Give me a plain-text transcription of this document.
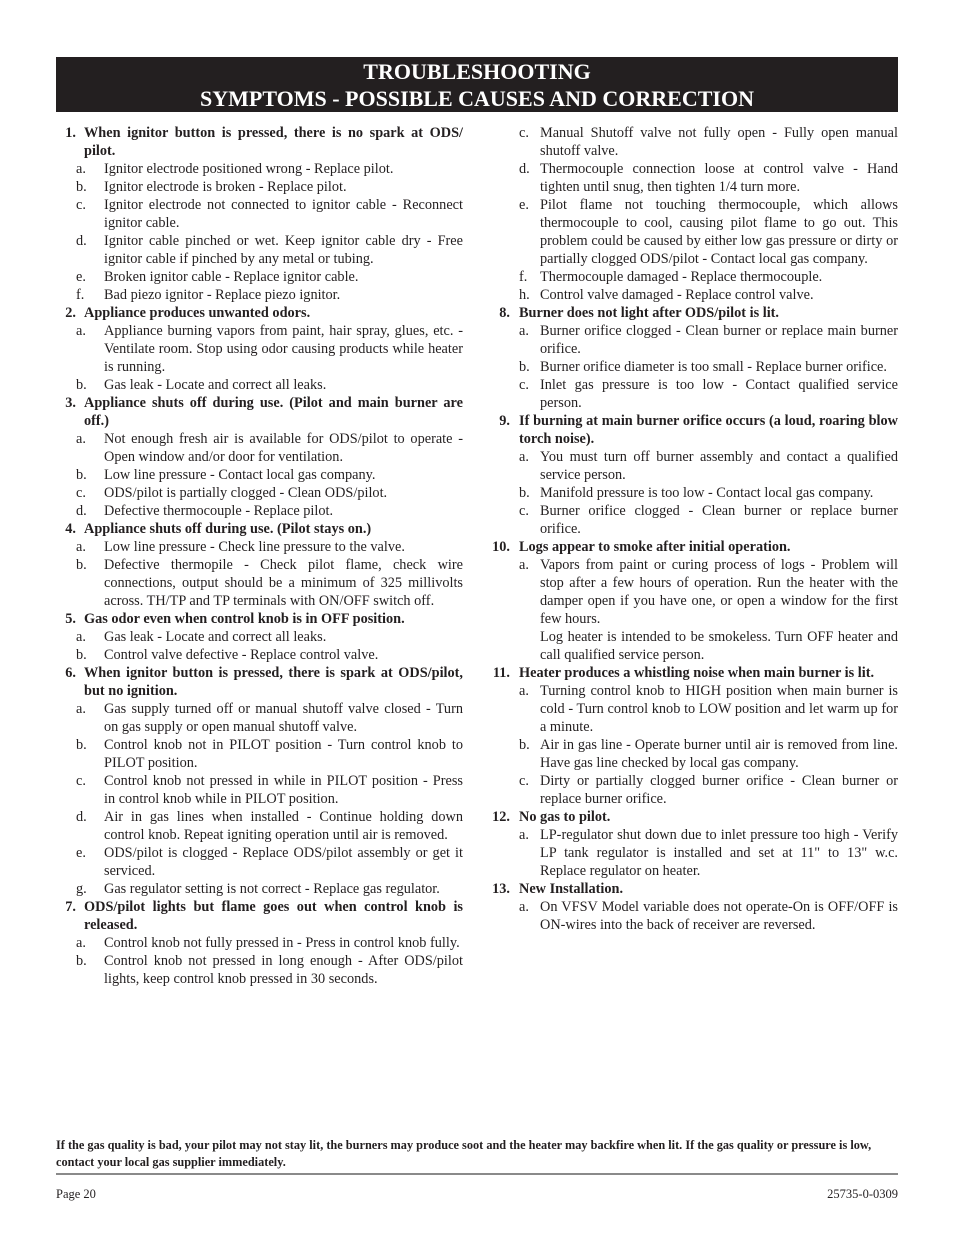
TROUBLESHOOTING
SYMPTOMS - POSSIBLE CAUSES AND CORRECTION
1. When ignitor button is pressed, there is no spark at ODS/ pilot.
a.	Ignitor electrode positioned wrong - Replace pilot.
b.	Ignitor electrode is broken - Replace pilot.
c.	Ignitor electrode not connected to ignitor cable - Reconnect ignitor cable.
d.	Ignitor cable pinched or wet. Keep ignitor cable dry - Free ignitor cable if pinched by any metal or tubing.
e.	Broken ignitor cable - Replace ignitor cable.
f.	Bad piezo ignitor - Replace piezo ignitor.
2. Appliance produces unwanted odors.
a.	Appliance burning vapors from paint, hair spray, glues, etc. - Ventilate room. Stop using odor causing products while heater is running.
b.	Gas leak - Locate and correct all leaks.
3. Appliance shuts off during use. (Pilot and main burner are off.)
a.	Not enough fresh air is available for ODS/pilot to operate - Open window and/or door for ventilation.
b.	Low line pressure - Contact local gas company.
c.	ODS/pilot is partially clogged - Clean ODS/pilot.
d.	Defective thermocouple - Replace pilot.
4. Appliance shuts off during use. (Pilot stays on.)
a.	Low line pressure - Check line pressure to the valve.
b.	Defective thermopile - Check pilot flame, check wire connections, output should be a minimum of 325 millivolts across. TH/TP and TP terminals with ON/OFF switch off.
5. Gas odor even when control knob is in OFF position.
a.	Gas leak - Locate and correct all leaks.
b.	Control valve defective - Replace control valve.
6. When ignitor button is pressed, there is spark at ODS/pilot, but no ignition.
a.	Gas supply turned off or manual shutoff valve closed - Turn on gas supply or open manual shutoff valve.
b.	Control knob not in PILOT position - Turn control knob to PILOT position.
c.	Control knob not pressed in while in PILOT position - Press in control knob while in PILOT position.
d.	Air in gas lines when installed - Continue holding down control knob. Repeat igniting operation until air is removed.
e.	ODS/pilot is clogged - Replace ODS/pilot assembly or get it serviced.
g.	Gas regulator setting is not correct - Replace gas regulator.
7. ODS/pilot lights but flame goes out when control knob is released.
a.	Control knob not fully pressed in - Press in control knob fully.
b.	Control knob not pressed in long enough - After ODS/pilot lights, keep control knob pressed in 30 seconds.
c. Manual Shutoff valve not fully open - Fully open manual shutoff valve.
d. Thermocouple connection loose at control valve - Hand tighten until snug, then tighten 1/4 turn more.
e. Pilot flame not touching thermocouple, which allows thermocouple to cool, causing pilot flame to go out. This problem could be caused by either low gas pressure or dirty or partially clogged ODS/pilot - Contact local gas company.
f. Thermocouple damaged - Replace thermocouple.
h. Control valve damaged - Replace control valve.
8. Burner does not light after ODS/pilot is lit.
a. Burner orifice clogged - Clean burner or replace main burner orifice.
b. Burner orifice diameter is too small - Replace burner orifice.
c. Inlet gas pressure is too low - Contact qualified service person.
9. If burning at main burner orifice occurs (a loud, roaring blow torch noise).
a. You must turn off burner assembly and contact a qualified service person.
b. Manifold pressure is too low - Contact local gas company.
c. Burner orifice clogged - Clean burner or replace burner orifice.
10. Logs appear to smoke after initial operation.
a. Vapors from paint or curing process of logs - Problem will stop after a few hours of operation. Run the heater with the damper open if you have one, or open a window for the first few hours.
Log heater is intended to be smokeless. Turn OFF heater and call qualified service person.
11. Heater produces a whistling noise when main burner is lit.
a. Turning control knob to HIGH position when main burner is cold - Turn control knob to LOW position and let warm up for a minute.
b. Air in gas line - Operate burner until air is removed from line. Have gas line checked by local gas company.
c. Dirty or partially clogged burner orifice - Clean burner or replace burner orifice.
12. No gas to pilot.
a. LP-regulator shut down due to inlet pressure too high - Verify LP tank regulator is installed and set at 11" to 13" w.c. Replace regulator on heater.
13. New Installation.
a. On VFSV Model variable does not operate-On is OFF/OFF is ON-wires into the back of receiver are reversed.
If the gas quality is bad, your pilot may not stay lit, the burners may produce soot and the heater may backfire when lit. If the gas quality or pressure is low, contact your local gas supplier immediately.
Page 20	25735-0-0309
